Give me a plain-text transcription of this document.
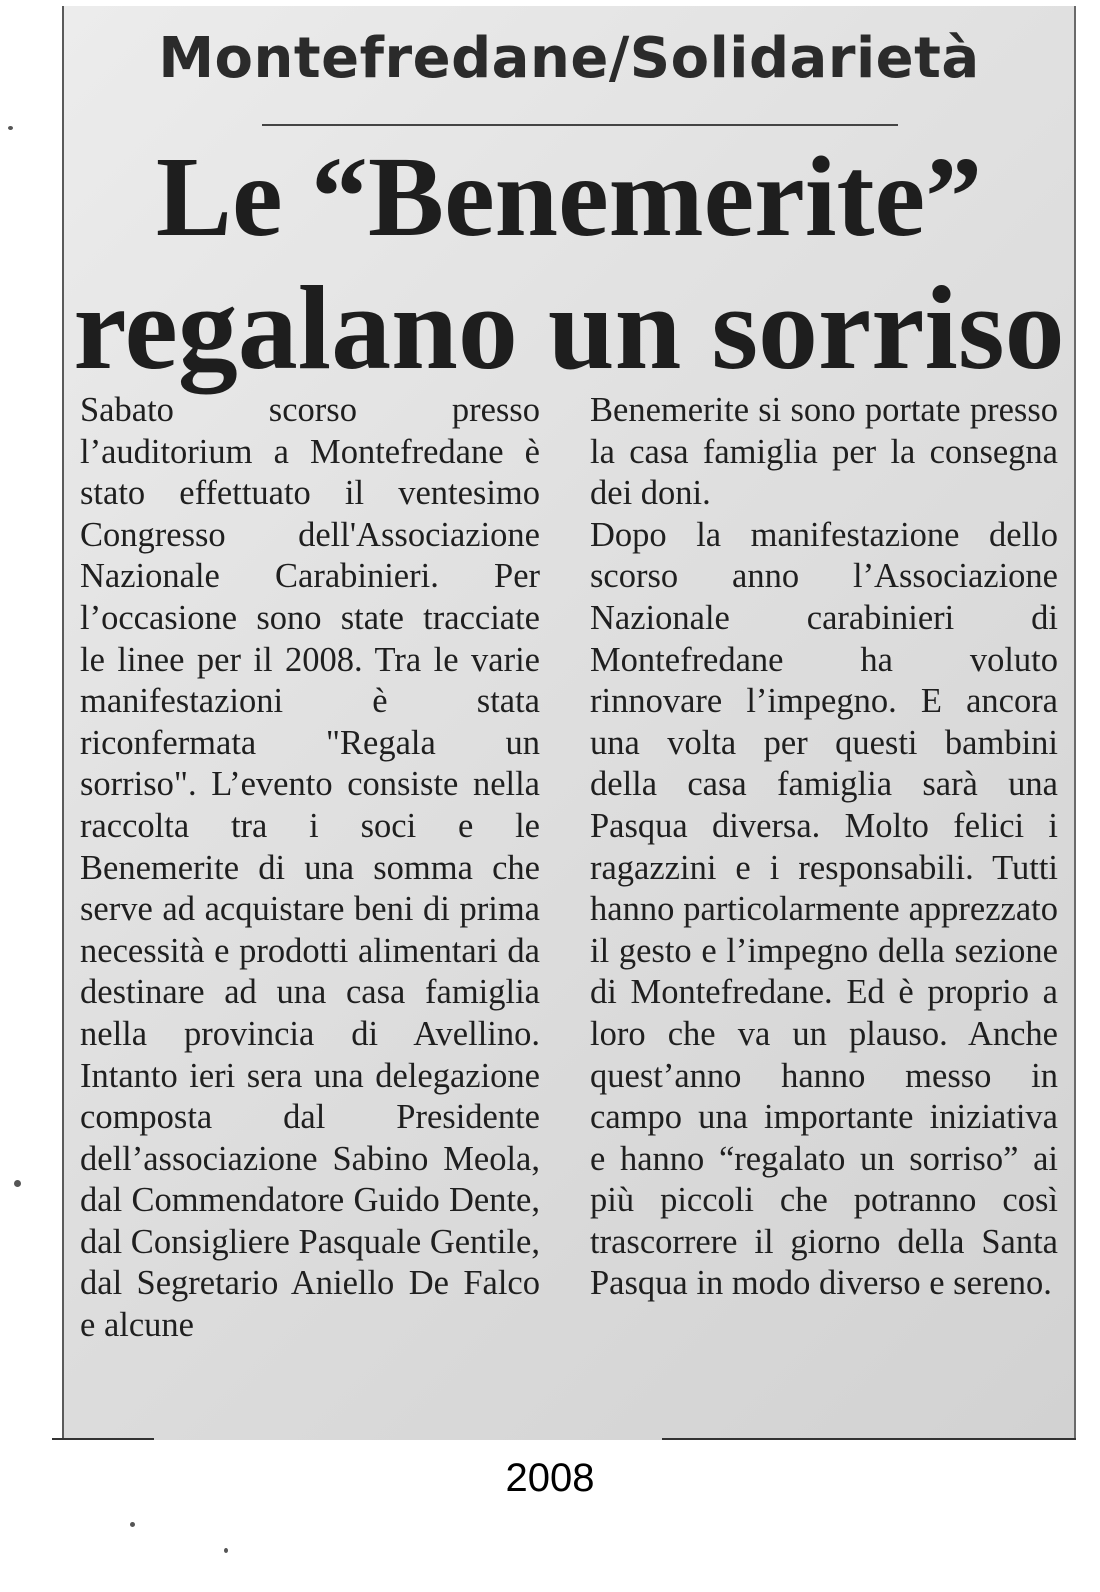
Montefredane/Solidarietà
Le “Benemerite”
regalano un sorriso

Sabato scorso presso l’auditorium a Montefredane è stato effettuato il ventesimo Congresso dell'Associazione Nazionale Carabinieri. Per l’occasione sono state tracciate le linee per il 2008. Tra le varie manifestazioni è stata riconfermata "Regala un sorriso". L’evento consiste nella raccolta tra i soci e le Benemerite di una somma che serve ad acquistare beni di prima necessità e prodotti alimentari da destinare ad una casa famiglia nella provincia di Avellino. Intanto ieri sera una delegazione composta dal Presidente dell’associazione Sabino Meola, dal Commendatore Guido Dente, dal Consigliere Pasquale Gentile, dal Segretario Aniello De Falco e alcune

Benemerite si sono portate presso la casa famiglia per la consegna dei doni.

Dopo la manifestazione dello scorso anno l’Associazione Nazionale carabinieri di Montefredane ha voluto rinnovare l’impegno. E ancora una volta per questi bambini della casa famiglia sarà una Pasqua diversa. Molto felici i ragazzini e i responsabili. Tutti hanno particolarmente apprezzato il gesto e l’impegno della sezione di Montefredane. Ed è proprio a loro che va un plauso. Anche quest’anno hanno messo in campo una importante iniziativa e hanno “regalato un sorriso” ai più piccoli che potranno così trascorrere il giorno della Santa Pasqua in modo diverso e sereno.

2008
